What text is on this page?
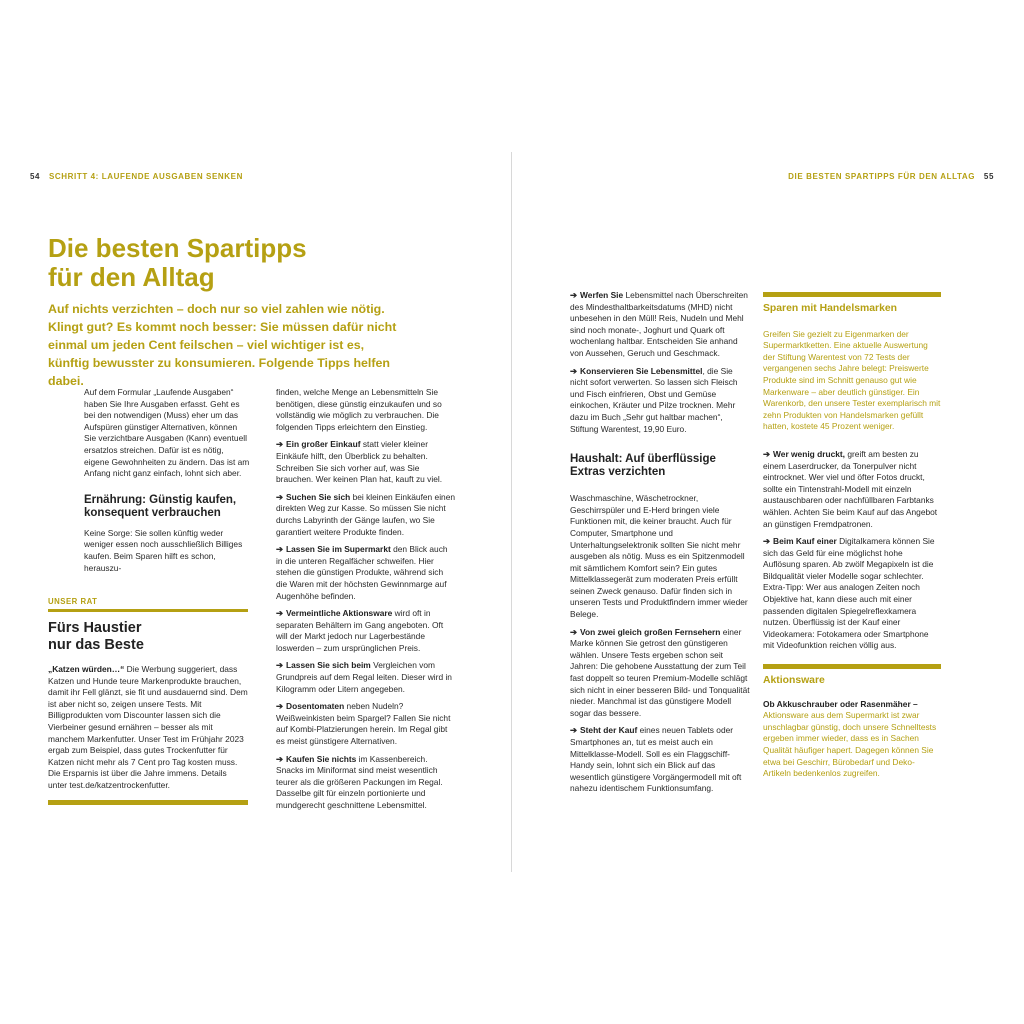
54 SCHRITT 4: LAUFENDE AUSGABEN SENKEN	DIE BESTEN SPARTIPPS FÜR DEN ALLTAG 55
Die besten Spartipps
für den Alltag

Auf nichts verzichten – doch nur so viel zahlen wie nötig. Klingt gut? Es kommt noch besser: Sie müssen dafür nicht einmal um jeden Cent feilschen – viel wichtiger ist es, künftig bewusster zu konsumieren. Folgende Tipps helfen dabei.

Auf dem Formular „Laufende Ausgaben“ haben Sie Ihre Ausgaben erfasst. Geht es bei den notwendigen (Muss) eher um das Aufspüren günstiger Alternativen, können Sie verzichtbare Ausgaben (Kann) eventuell ersatzlos streichen. Dafür ist es nötig, eigene Gewohnheiten zu ändern. Das ist am Anfang nicht ganz einfach, lohnt sich aber.

Ernährung: Günstig kaufen, konsequent verbrauchen

Keine Sorge: Sie sollen künftig weder weniger essen noch ausschließlich Billiges kaufen. Beim Sparen hilft es schon, herauszu-

UNSER RAT

Fürs Haustier nur das Beste

„Katzen würden…“ Die Werbung suggeriert, dass Katzen und Hunde teure Markenprodukte brauchen, damit ihr Fell glänzt, sie fit und ausdauernd sind. Dem ist aber nicht so, zeigen unsere Tests. Mit Billigprodukten vom Discounter lassen sich die Vierbeiner gesund ernähren – besser als mit manchem Markenfutter. Unser Test im Frühjahr 2023 ergab zum Beispiel, dass gutes Trockenfutter für Katzen nicht mehr als 7 Cent pro Tag kosten muss. Die Ersparnis ist über die Jahre immens. Details unter test.de/katzentrockenfutter.

finden, welche Menge an Lebensmitteln Sie benötigen, diese günstig einzukaufen und so vollständig wie möglich zu verbrauchen. Die folgenden Tipps erleichtern den Einstieg.

➔ Ein großer Einkauf statt vieler kleiner Einkäufe hilft, den Überblick zu behalten. Schreiben Sie sich vorher auf, was Sie brauchen. Wer keinen Plan hat, kauft zu viel.

➔ Suchen Sie sich bei kleinen Einkäufen einen direkten Weg zur Kasse. So müssen Sie nicht durchs Labyrinth der Gänge laufen, wo Sie garantiert weitere Produkte finden.

➔ Lassen Sie im Supermarkt den Blick auch in die unteren Regalfächer schweifen. Hier stehen die günstigen Produkte, während sich die Waren mit der höchsten Gewinnmarge auf Augenhöhe befinden.

➔ Vermeintliche Aktionsware wird oft in separaten Behältern im Gang angeboten. Oft will der Markt jedoch nur Lagerbestände loswerden – zum ursprünglichen Preis.

➔ Lassen Sie sich beim Vergleichen vom Grundpreis auf dem Regal leiten. Dieser wird in Kilogramm oder Litern angegeben.

➔ Dosentomaten neben Nudeln? Weißweinkisten beim Spargel? Fallen Sie nicht auf Kombi-Platzierungen herein. Im Regal gibt es meist günstigere Alternativen.

➔ Kaufen Sie nichts im Kassenbereich. Snacks im Miniformat sind meist wesentlich teurer als die größeren Packungen im Regal. Dasselbe gilt für einzeln portionierte und mundgerecht geschnittene Lebensmittel.

➔ Werfen Sie Lebensmittel nach Überschreiten des Mindesthaltbarkeitsdatums (MHD) nicht unbesehen in den Müll! Reis, Nudeln und Mehl sind noch monate-, Joghurt und Quark oft wochenlang haltbar. Entscheiden Sie anhand von Aussehen, Geruch und Geschmack.

➔ Konservieren Sie Lebensmittel, die Sie nicht sofort verwerten. So lassen sich Fleisch und Fisch einfrieren, Obst und Gemüse einkochen, Kräuter und Pilze trocknen. Mehr dazu im Buch „Sehr gut haltbar machen“, Stiftung Warentest, 19,90 Euro.

Haushalt: Auf überflüssige Extras verzichten

Waschmaschine, Wäschetrockner, Geschirrspüler und E-Herd bringen viele Funktionen mit, die keiner braucht. Auch für Computer, Smartphone und Unterhaltungselektronik sollten Sie nicht mehr ausgeben als nötig. Muss es ein Spitzenmodell mit sämtlichem Komfort sein? Ein gutes Mittelklassegerät zum moderaten Preis erfüllt seinen Zweck genauso. Dafür finden sich in unseren Tests und Produktfindern immer wieder Belege.

➔ Von zwei gleich großen Fernsehern einer Marke können Sie getrost den günstigeren wählen. Unsere Tests ergeben schon seit Jahren: Die gehobene Ausstattung der zum Teil fast doppelt so teuren Premium-Modelle schlägt sich nicht in einer besseren Bild- und Tonqualität nieder. Manchmal ist das günstigere Modell sogar das bessere.

➔ Steht der Kauf eines neuen Tablets oder Smartphones an, tut es meist auch ein Mittelklasse-Modell. Soll es ein Flaggschiff-Handy sein, lohnt sich ein Blick auf das wesentlich günstigere Vorgängermodell mit oft nahezu identischem Funktionsumfang.

Sparen mit Handelsmarken

Greifen Sie gezielt zu Eigenmarken der Supermarktketten. Eine aktuelle Auswertung der Stiftung Warentest von 72 Tests der vergangenen sechs Jahre belegt: Preiswerte Produkte sind im Schnitt genauso gut wie Markenware – aber deutlich günstiger. Ein Warenkorb, den unsere Tester exemplarisch mit zehn Produkten von Handelsmarken gefüllt hatten, kostete 45 Prozent weniger.

➔ Wer wenig druckt, greift am besten zu einem Laserdrucker, da Tonerpulver nicht eintrocknet. Wer viel und öfter Fotos druckt, sollte ein Tintenstrahl-Modell mit einzeln austauschbaren oder nachfüllbaren Farbtanks wählen. Achten Sie beim Kauf auf das Angebot an günstigen Fremdpatronen.

➔ Beim Kauf einer Digitalkamera können Sie sich das Geld für eine möglichst hohe Auflösung sparen. Ab zwölf Megapixeln ist die Bildqualität vieler Modelle sogar schlechter. Extra-Tipp: Wer aus analogen Zeiten noch Objektive hat, kann diese auch mit einer passenden digitalen Spiegelreflexkamera nutzen. Überflüssig ist der Kauf einer Videokamera: Fotokamera oder Smartphone mit Videofunktion reichen völlig aus.

Aktionsware

Ob Akkuschrauber oder Rasenmäher – Aktionsware aus dem Supermarkt ist zwar unschlagbar günstig, doch unsere Schnelltests ergeben immer wieder, dass es in Sachen Qualität häufiger hapert. Dagegen können Sie etwa bei Geschirr, Bürobedarf und Deko-Artikeln bedenkenlos zugreifen.
